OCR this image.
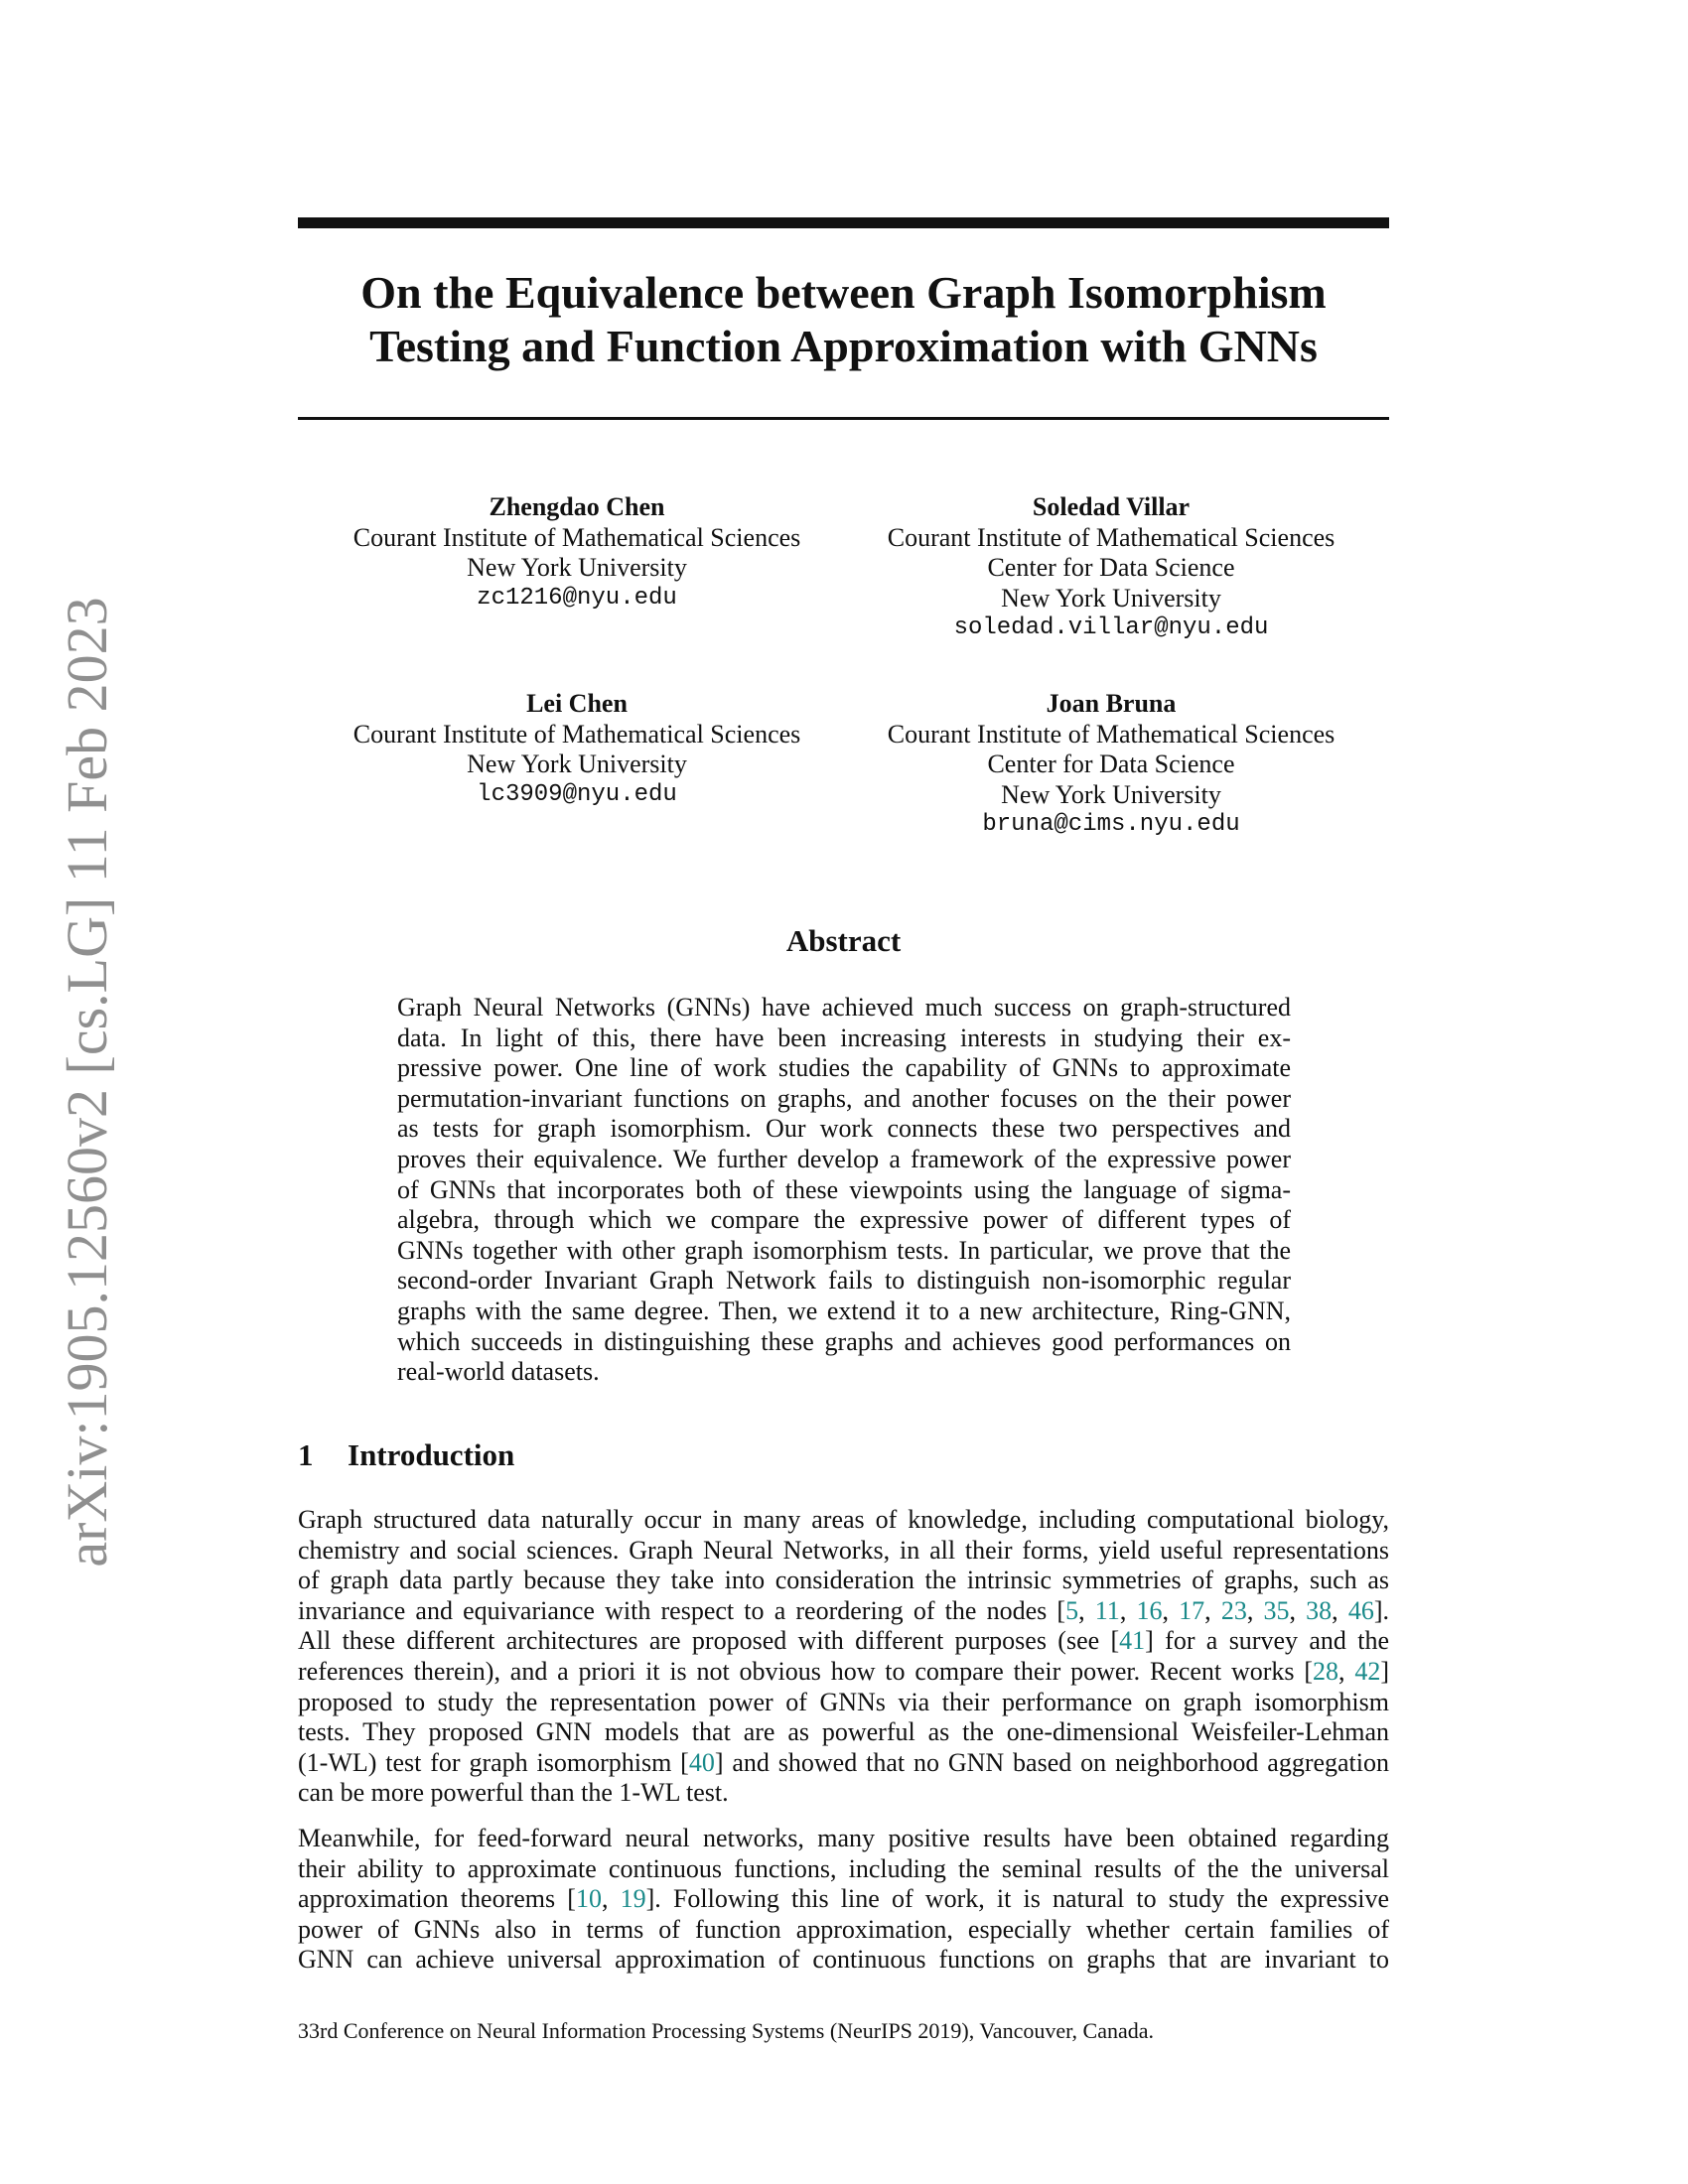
arXiv:1905.12560v2 [cs.LG] 11 Feb 2023
On the Equivalence between Graph Isomorphism
Testing and Function Approximation with GNNs
Zhengdao Chen
Courant Institute of Mathematical Sciences
New York University
zc1216@nyu.edu
Soledad Villar
Courant Institute of Mathematical Sciences
Center for Data Science
New York University
soledad.villar@nyu.edu
Lei Chen
Courant Institute of Mathematical Sciences
New York University
lc3909@nyu.edu
Joan Bruna
Courant Institute of Mathematical Sciences
Center for Data Science
New York University
bruna@cims.nyu.edu
Abstract

Graph Neural Networks (GNNs) have achieved much success on graph-structured
data. In light of this, there have been increasing interests in studying their ex-
pressive power. One line of work studies the capability of GNNs to approximate
permutation-invariant functions on graphs, and another focuses on the their power
as tests for graph isomorphism. Our work connects these two perspectives and
proves their equivalence. We further develop a framework of the expressive power
of GNNs that incorporates both of these viewpoints using the language of sigma-
algebra, through which we compare the expressive power of different types of
GNNs together with other graph isomorphism tests. In particular, we prove that the
second-order Invariant Graph Network fails to distinguish non-isomorphic regular
graphs with the same degree. Then, we extend it to a new architecture, Ring-GNN,
which succeeds in distinguishing these graphs and achieves good performances on
real-world datasets.

1 Introduction

Graph structured data naturally occur in many areas of knowledge, including computational biology,
chemistry and social sciences. Graph Neural Networks, in all their forms, yield useful representations
of graph data partly because they take into consideration the intrinsic symmetries of graphs, such as
invariance and equivariance with respect to a reordering of the nodes [5, 11, 16, 17, 23, 35, 38, 46].
All these different architectures are proposed with different purposes (see [41] for a survey and the
references therein), and a priori it is not obvious how to compare their power. Recent works [28, 42]
proposed to study the representation power of GNNs via their performance on graph isomorphism
tests. They proposed GNN models that are as powerful as the one-dimensional Weisfeiler-Lehman
(1-WL) test for graph isomorphism [40] and showed that no GNN based on neighborhood aggregation
can be more powerful than the 1-WL test.

Meanwhile, for feed-forward neural networks, many positive results have been obtained regarding
their ability to approximate continuous functions, including the seminal results of the the universal
approximation theorems [10, 19]. Following this line of work, it is natural to study the expressive
power of GNNs also in terms of function approximation, especially whether certain families of
GNN can achieve universal approximation of continuous functions on graphs that are invariant to

33rd Conference on Neural Information Processing Systems (NeurIPS 2019), Vancouver, Canada.
